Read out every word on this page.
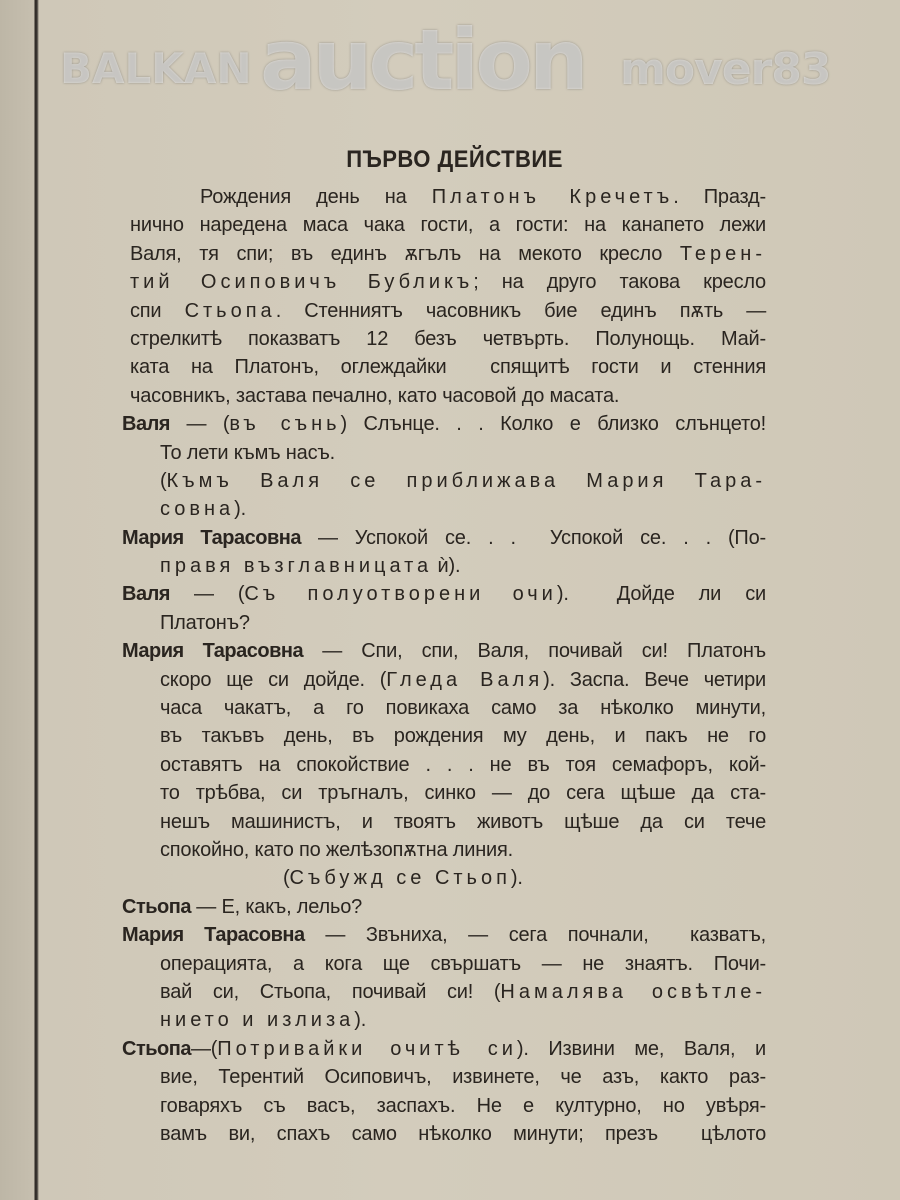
BALKAN auction mover83
ПЪРВО ДЕЙСТВИЕ
Рождения день на Платонъ Кречетъ. Празд-
нично наредена маса чака гости, а гости: на канапето лежи
Валя, тя спи; въ единъ ѫгълъ на мекото кресло Терен-
тий Осиповичъ Бубликъ; на друго такова кресло
спи Стьопа. Стенниятъ часовникъ бие единъ пѫть —
стрелкитѣ показватъ 12 безъ четвърть. Полунощь. Май-
ката на Платонъ, оглеждайки  спящитѣ гости и стенния
часовникъ, застава печално, като часовой до масата.
Валя — (въ сънь) Слънце. . . Колко е близко слънцето!
То лети къмъ насъ.
(Къмъ Валя се приближава Мария Тара-
совна).
Мария Тарасовна — Успокой се. . .  Успокой се. . . (По-
правя възглавницата ѝ).
Валя — (Съ полуотворени очи).  Дойде ли си
Платонъ?
Мария Тарасовна — Спи, спи, Валя, почивай си! Платонъ
скоро ще си дойде. (Гледа Валя). Заспа. Вече четири
часа чакатъ, а го повикаха само за нѣколко минути,
въ такъвъ день, въ рождения му день, и пакъ не го
оставятъ на спокойствие . . . не въ тоя семафоръ, кой-
то трѣбва, си тръгналъ, синко — до сега щѣше да ста-
нешъ машинистъ, и твоятъ животъ щѣше да си тече
спокойно, като по желѣзопѫтна линия.
(Събужд се Стьоп).
Стьопа — Е, какъ, лельо?
Мария Тарасовна — Звъниха, — сега почнали,  казватъ,
операцията, а кога ще свършатъ — не знаятъ. Почи-
вай си, Стьопа, почивай си! (Намалява освѣтле-
нието и излиза).
Стьопа—(Потривайки очитѣ си). Извини ме, Валя, и
вие, Терентий Осиповичъ, извинете, че азъ, както раз-
говаряхъ съ васъ, заспахъ. Не е културно, но увѣря-
вамъ ви, спахъ само нѣколко минути; презъ  цѣлото
